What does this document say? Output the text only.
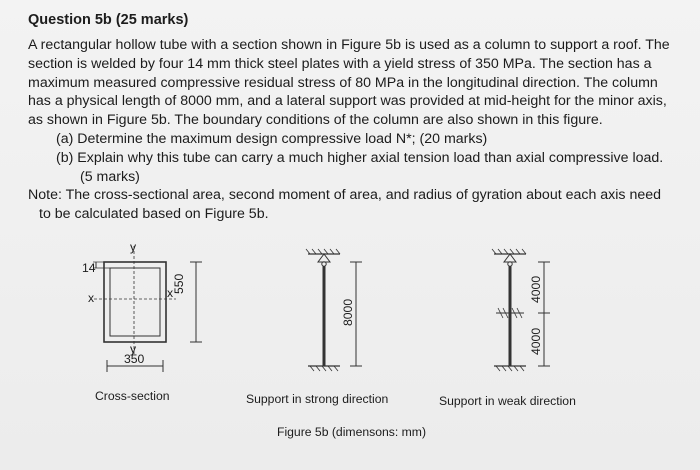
Question 5b (25 marks)

A rectangular hollow tube with a section shown in Figure 5b is used as a column to support a roof. The

section is welded by four 14 mm thick steel plates with a yield stress of 350 MPa. The section has a

maximum measured compressive residual stress of 80 MPa in the longitudinal direction. The column

has a physical length of 8000 mm, and a lateral support was provided at mid-height for the minor axis,

as shown in Figure 5b. The boundary conditions of the column are also shown in this figure.

(a) Determine the maximum design compressive load N*; (20 marks)

(b) Explain why this tube can carry a much higher axial tension load than axial compressive load.

(5 marks)

Note: The cross-sectional area, second moment of area, and radius of gyration about each axis need

to be calculated based on Figure 5b.

y
y
x	x
14
350
550
8000
4000
4000
Cross-section	Support in strong direction	Support in weak direction
Figure 5b (dimensons: mm)
